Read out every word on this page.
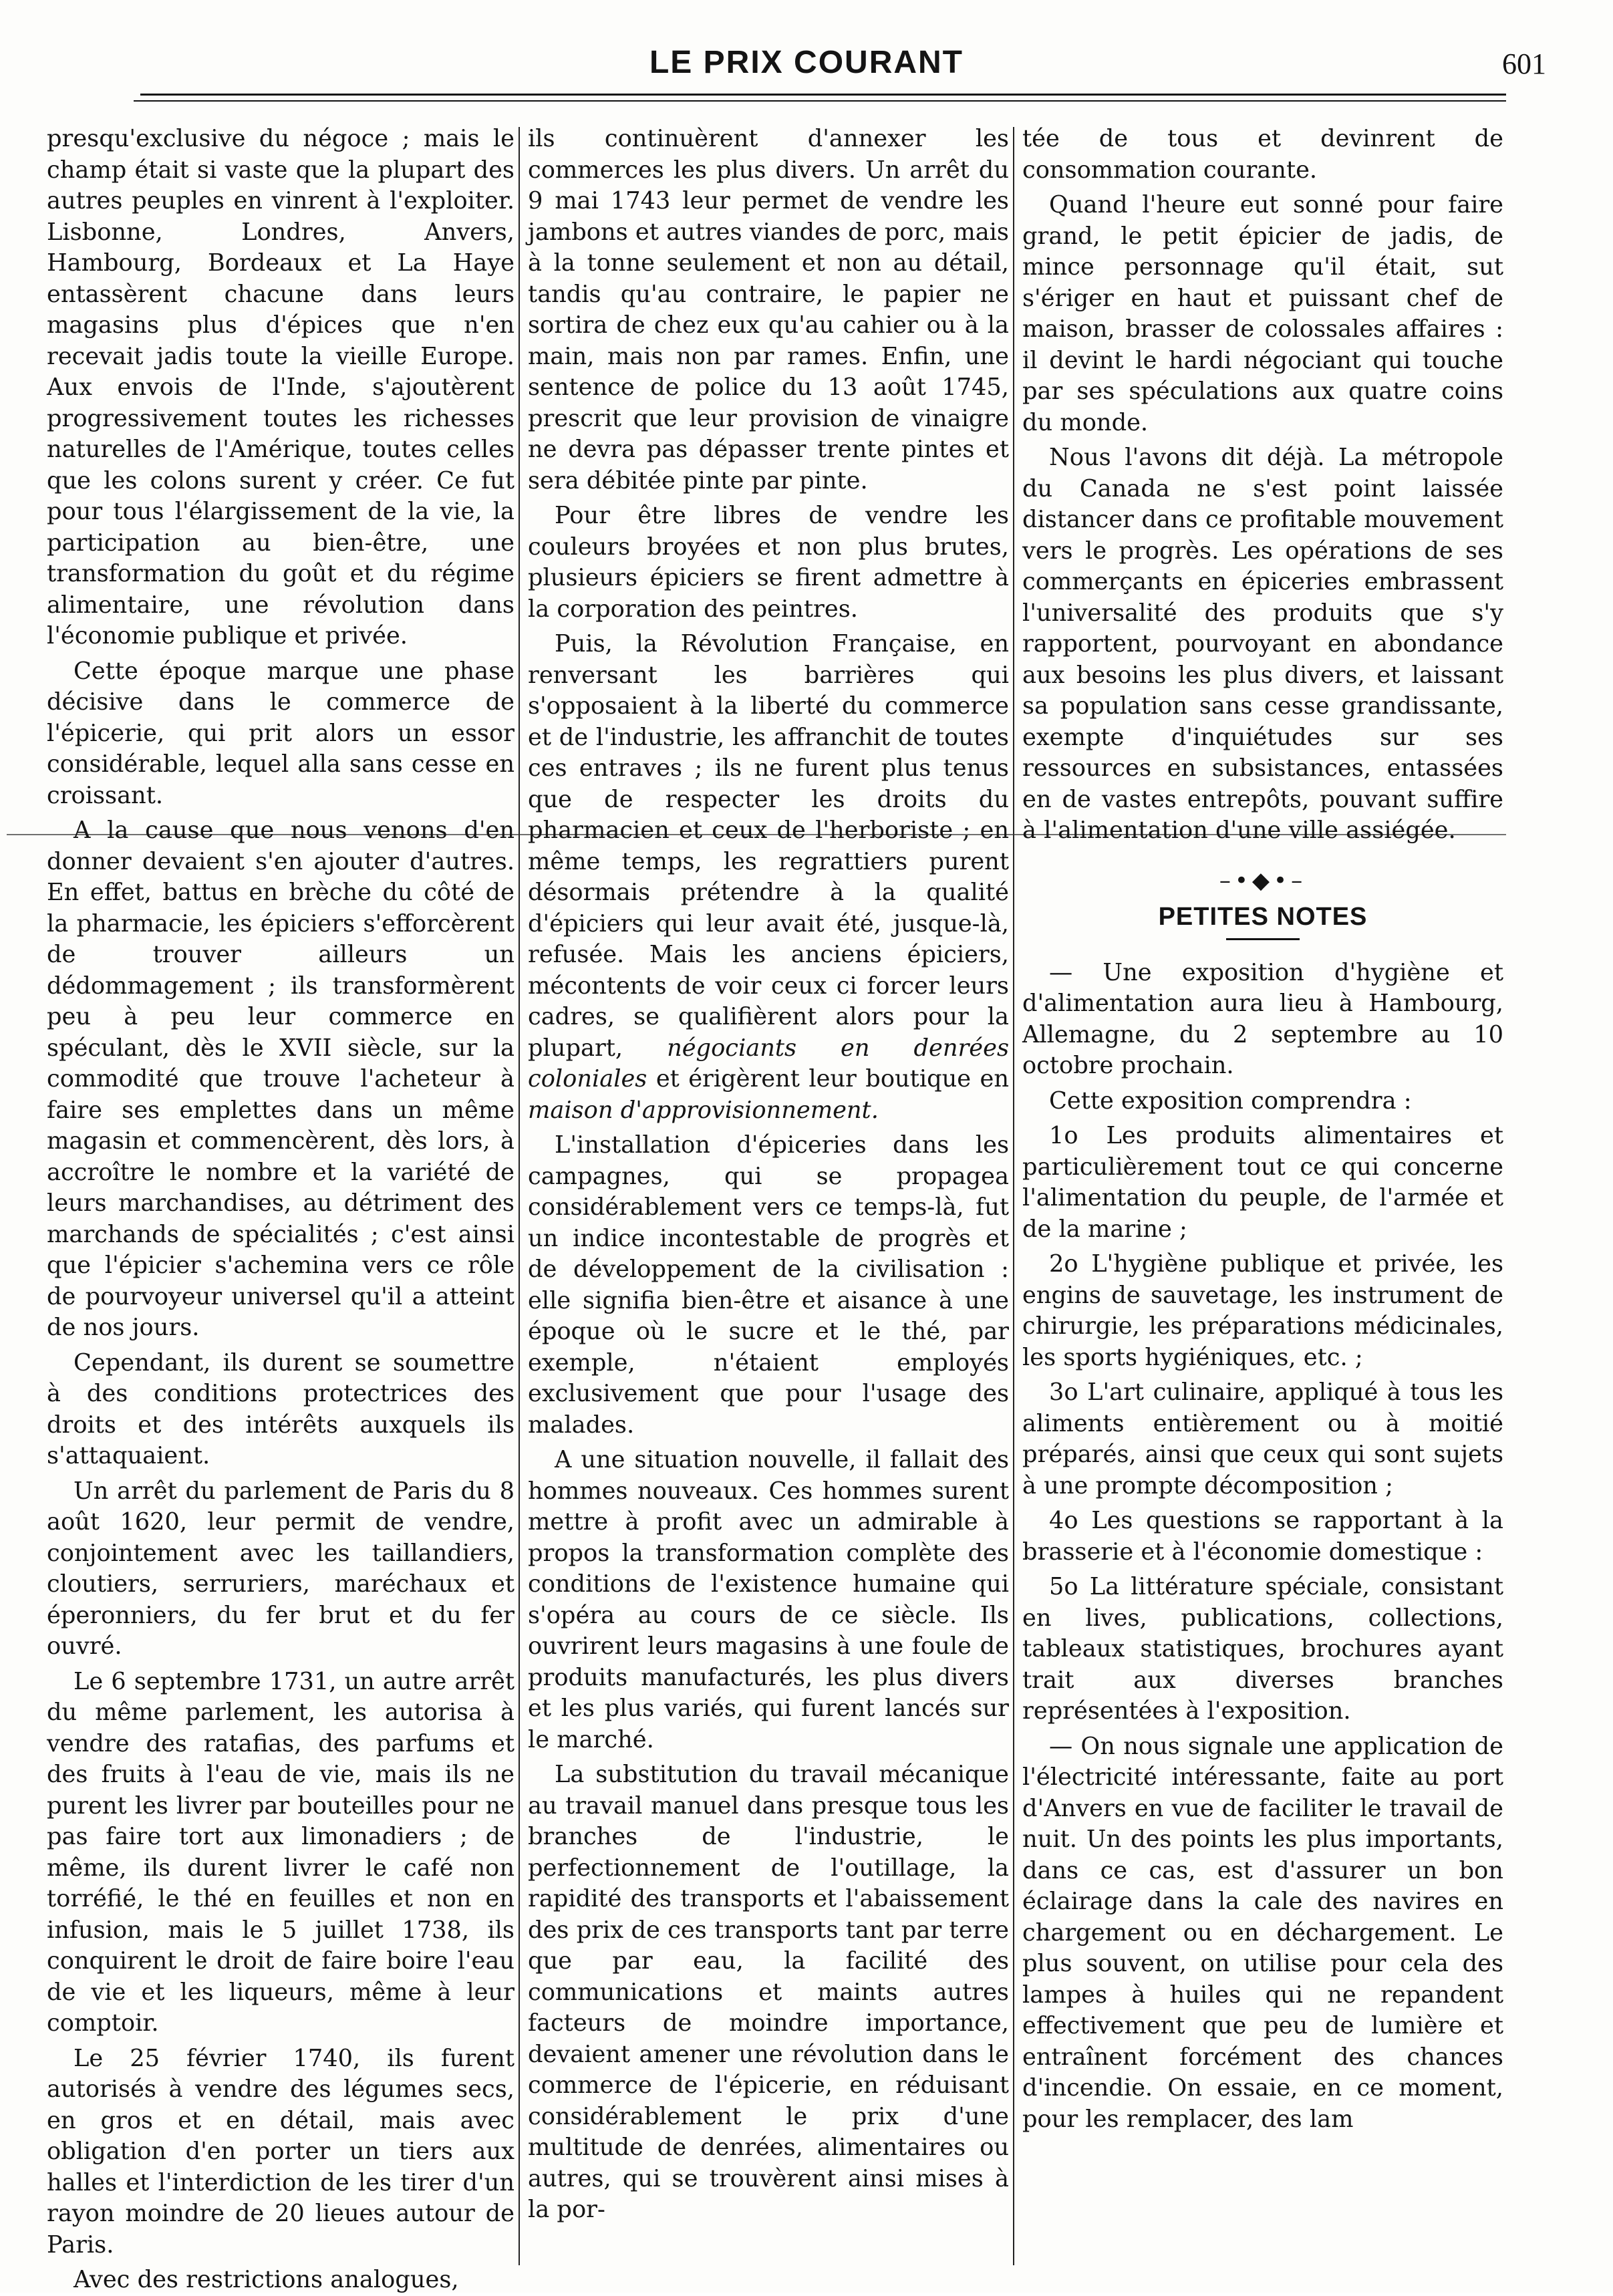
LE PRIX COURANT	601

presqu'exclusive du négoce ; mais le champ était si vaste que la plupart des autres peuples en vinrent à l'exploiter. Lisbonne, Londres, Anvers, Hambourg, Bordeaux et La Haye entassèrent chacune dans leurs magasins plus d'épices que n'en recevait jadis toute la vieille Europe. Aux envois de l'Inde, s'ajoutèrent progressivement toutes les richesses naturelles de l'Amérique, toutes celles que les colons surent y créer. Ce fut pour tous l'élargissement de la vie, la participation au bien-être, une transformation du goût et du régime alimentaire, une révolution dans l'économie publique et privée.

Cette époque marque une phase décisive dans le commerce de l'épicerie, qui prit alors un essor considérable, lequel alla sans cesse en croissant.

A la cause que nous venons d'en donner devaient s'en ajouter d'autres. En effet, battus en brèche du côté de la pharmacie, les épiciers s'efforcèrent de trouver ailleurs un dédommagement ; ils transformèrent peu à peu leur commerce en spéculant, dès le XVII siècle, sur la commodité que trouve l'acheteur à faire ses emplettes dans un même magasin et commencèrent, dès lors, à accroître le nombre et la variété de leurs marchandises, au détriment des marchands de spécialités ; c'est ainsi que l'épicier s'achemina vers ce rôle de pourvoyeur universel qu'il a atteint de nos jours.

Cependant, ils durent se soumettre à des conditions protectrices des droits et des intérêts auxquels ils s'attaquaient.

Un arrêt du parlement de Paris du 8 août 1620, leur permit de vendre, conjointement avec les taillandiers, cloutiers, serruriers, maréchaux et éperonniers, du fer brut et du fer ouvré.

Le 6 septembre 1731, un autre arrêt du même parlement, les autorisa à vendre des ratafias, des parfums et des fruits à l'eau de vie, mais ils ne purent les livrer par bouteilles pour ne pas faire tort aux limonadiers ; de même, ils durent livrer le café non torréfié, le thé en feuilles et non en infusion, mais le 5 juillet 1738, ils conquirent le droit de faire boire l'eau de vie et les liqueurs, même à leur comptoir.

Le 25 février 1740, ils furent autorisés à vendre des légumes secs, en gros et en détail, mais avec obligation d'en porter un tiers aux halles et l'interdiction de les tirer d'un rayon moindre de 20 lieues autour de Paris.

Avec des restrictions analogues,

ils continuèrent d'annexer les commerces les plus divers. Un arrêt du 9 mai 1743 leur permet de vendre les jambons et autres viandes de porc, mais à la tonne seulement et non au détail, tandis qu'au contraire, le papier ne sortira de chez eux qu'au cahier ou à la main, mais non par rames. Enfin, une sentence de police du 13 août 1745, prescrit que leur provision de vinaigre ne devra pas dépasser trente pintes et sera débitée pinte par pinte.

Pour être libres de vendre les couleurs broyées et non plus brutes, plusieurs épiciers se firent admettre à la corporation des peintres.

Puis, la Révolution Française, en renversant les barrières qui s'opposaient à la liberté du commerce et de l'industrie, les affranchit de toutes ces entraves ; ils ne furent plus tenus que de respecter les droits du pharmacien et ceux de l'herboriste ; en même temps, les regrattiers purent désormais prétendre à la qualité d'épiciers qui leur avait été, jusque-là, refusée. Mais les anciens épiciers, mécontents de voir ceux ci forcer leurs cadres, se qualifièrent alors pour la plupart, négociants en denrées coloniales et érigèrent leur boutique en maison d'approvisionnement.

L'installation d'épiceries dans les campagnes, qui se propagea considérablement vers ce temps-là, fut un indice incontestable de progrès et de développement de la civilisation : elle signifia bien-être et aisance à une époque où le sucre et le thé, par exemple, n'étaient employés exclusivement que pour l'usage des malades.

A une situation nouvelle, il fallait des hommes nouveaux. Ces hommes surent mettre à profit avec un admirable à propos la transformation complète des conditions de l'existence humaine qui s'opéra au cours de ce siècle. Ils ouvrirent leurs magasins à une foule de produits manufacturés, les plus divers et les plus variés, qui furent lancés sur le marché.

La substitution du travail mécanique au travail manuel dans presque tous les branches de l'industrie, le perfectionnement de l'outillage, la rapidité des transports et l'abaissement des prix de ces transports tant par terre que par eau, la facilité des communications et maints autres facteurs de moindre importance, devaient amener une révolution dans le commerce de l'épicerie, en réduisant considérablement le prix d'une multitude de denrées, alimentaires ou autres, qui se trouvèrent ainsi mises à la por-

tée de tous et devinrent de consommation courante.

Quand l'heure eut sonné pour faire grand, le petit épicier de jadis, de mince personnage qu'il était, sut s'ériger en haut et puissant chef de maison, brasser de colossales affaires : il devint le hardi négociant qui touche par ses spéculations aux quatre coins du monde.

Nous l'avons dit déjà. La métropole du Canada ne s'est point laissée distancer dans ce profitable mouvement vers le progrès. Les opérations de ses commerçants en épiceries embrassent l'universalité des produits que s'y rapportent, pourvoyant en abondance aux besoins les plus divers, et laissant sa population sans cesse grandissante, exempte d'inquiétudes sur ses ressources en subsistances, entassées en de vastes entrepôts, pouvant suffire à l'alimentation d'une ville assiégée.

–•◆•–
PETITES NOTES

— Une exposition d'hygiène et d'alimentation aura lieu à Hambourg, Allemagne, du 2 septembre au 10 octobre prochain.

Cette exposition comprendra :

1o Les produits alimentaires et particulièrement tout ce qui concerne l'alimentation du peuple, de l'armée et de la marine ;

2o L'hygiène publique et privée, les engins de sauvetage, les instrument de chirurgie, les préparations médicinales, les sports hygiéniques, etc. ;

3o L'art culinaire, appliqué à tous les aliments entièrement ou à moitié préparés, ainsi que ceux qui sont sujets à une prompte décomposition ;

4o Les questions se rapportant à la brasserie et à l'économie domestique :

5o La littérature spéciale, consistant en lives, publications, collections, tableaux statistiques, brochures ayant trait aux diverses branches représentées à l'exposition.

— On nous signale une application de l'électricité intéressante, faite au port d'Anvers en vue de faciliter le travail de nuit. Un des points les plus importants, dans ce cas, est d'assurer un bon éclairage dans la cale des navires en chargement ou en déchargement. Le plus souvent, on utilise pour cela des lampes à huiles qui ne repandent effectivement que peu de lumière et entraînent forcément des chances d'incendie. On essaie, en ce moment, pour les remplacer, des lam
